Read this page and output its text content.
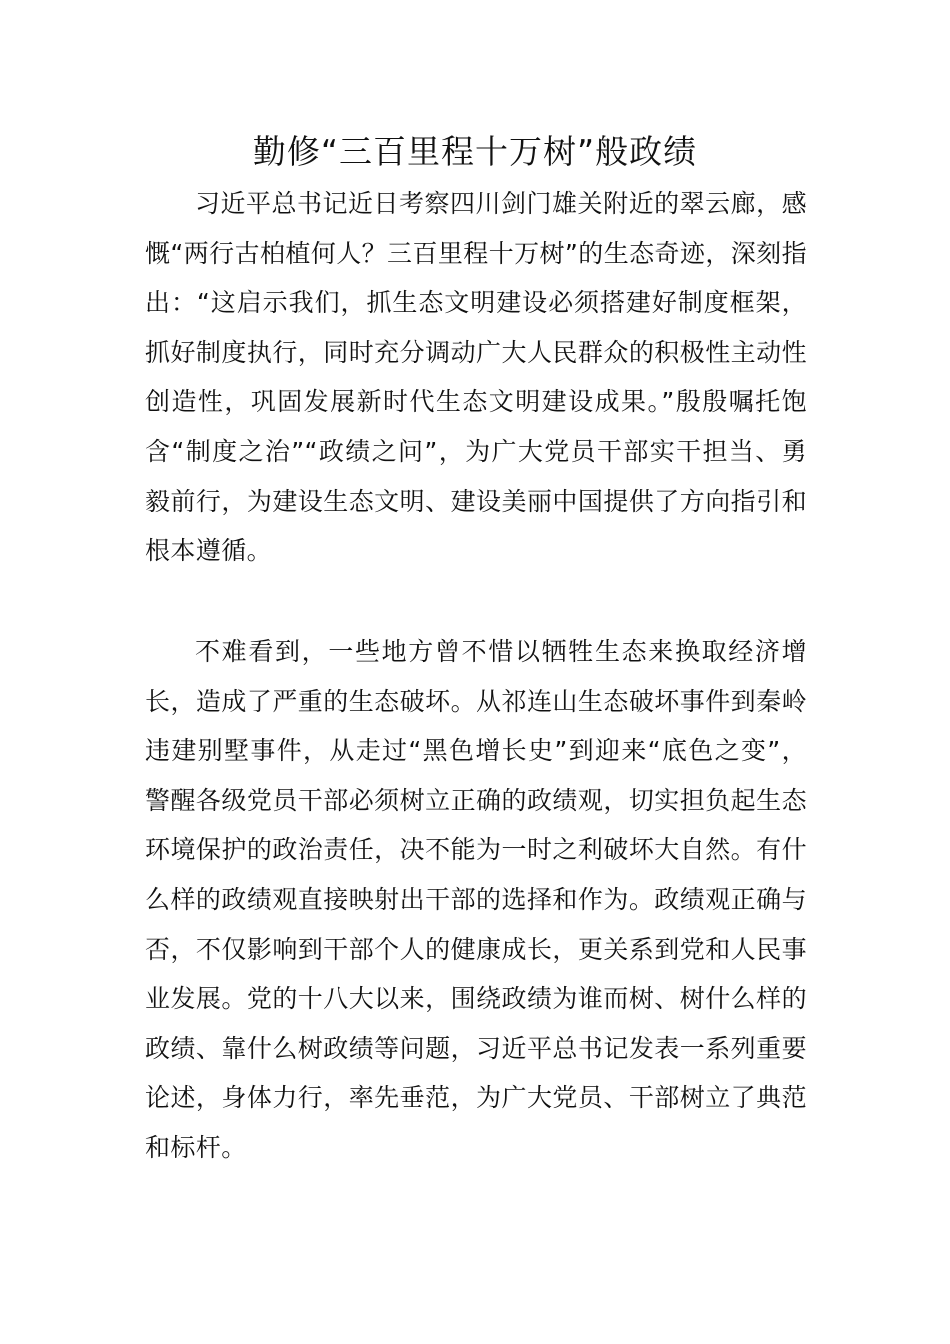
勤修“三百里程十万树”般政绩

习近平总书记近日考察四川剑门雄关附近的翠云廊，感慨“两行古柏植何人？三百里程十万树”的生态奇迹，深刻指出：“这启示我们，抓生态文明建设必须搭建好制度框架，抓好制度执行，同时充分调动广大人民群众的积极性主动性创造性，巩固发展新时代生态文明建设成果。”殷殷嘱托饱含“制度之治”“政绩之问”，为广大党员干部实干担当、勇毅前行，为建设生态文明、建设美丽中国提供了方向指引和根本遵循。

不难看到，一些地方曾不惜以牺牲生态来换取经济增长，造成了严重的生态破坏。从祁连山生态破坏事件到秦岭违建别墅事件，从走过“黑色增长史”到迎来“底色之变”，警醒各级党员干部必须树立正确的政绩观，切实担负起生态环境保护的政治责任，决不能为一时之利破坏大自然。有什么样的政绩观直接映射出干部的选择和作为。政绩观正确与否，不仅影响到干部个人的健康成长，更关系到党和人民事业发展。党的十八大以来，围绕政绩为谁而树、树什么样的政绩、靠什么树政绩等问题，习近平总书记发表一系列重要论述，身体力行，率先垂范，为广大党员、干部树立了典范和标杆。
